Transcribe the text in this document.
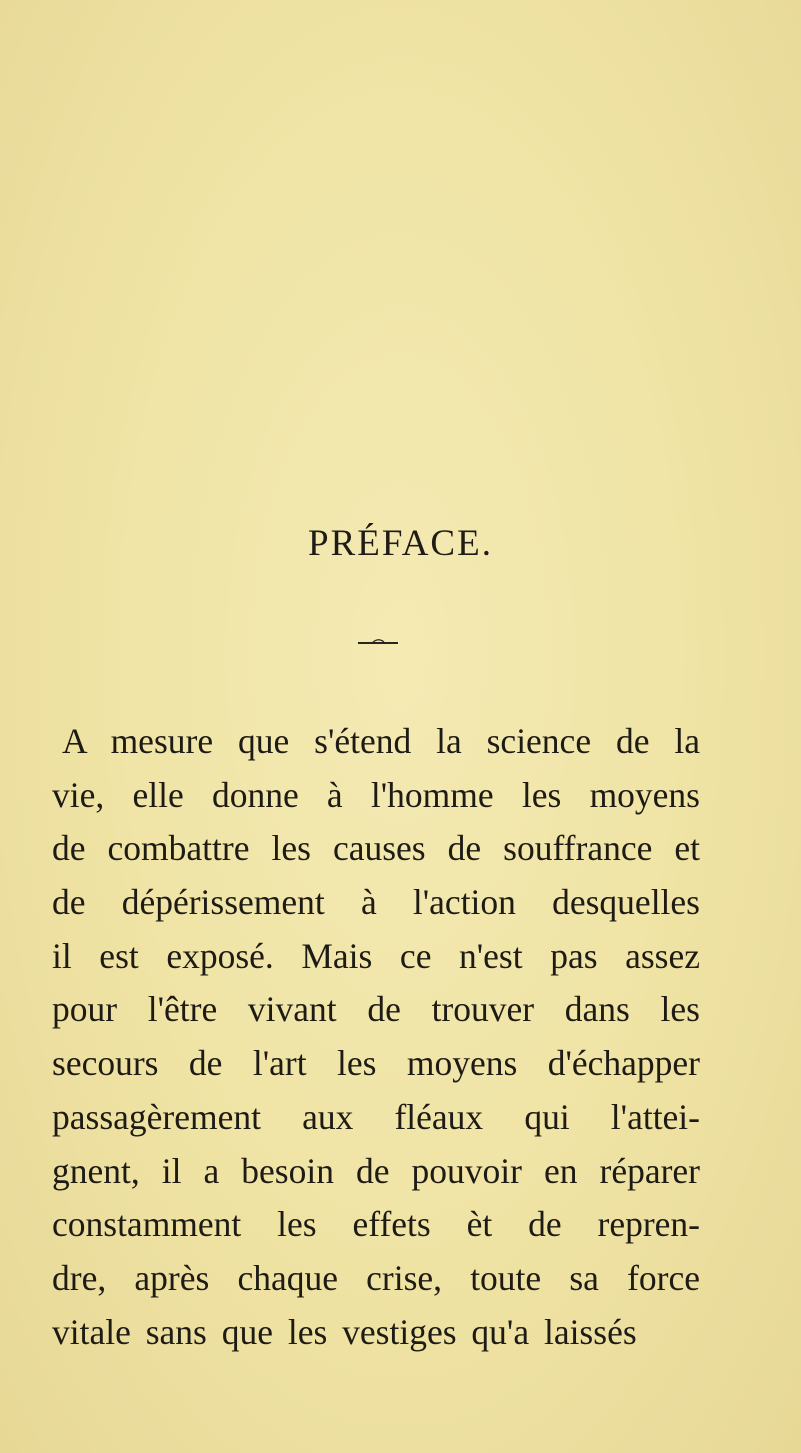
PRÉFACE.
A mesure que s'étend la science de la
vie, elle donne à l'homme les moyens
de combattre les causes de souffrance et
de dépérissement à l'action desquelles
il est exposé. Mais ce n'est pas assez
pour l'être vivant de trouver dans les
secours de l'art les moyens d'échapper
passagèrement aux fléaux qui l'attei-
gnent, il a besoin de pouvoir en réparer
constamment les effets èt de repren-
dre, après chaque crise, toute sa force
vitale sans que les vestiges qu'a laissés
